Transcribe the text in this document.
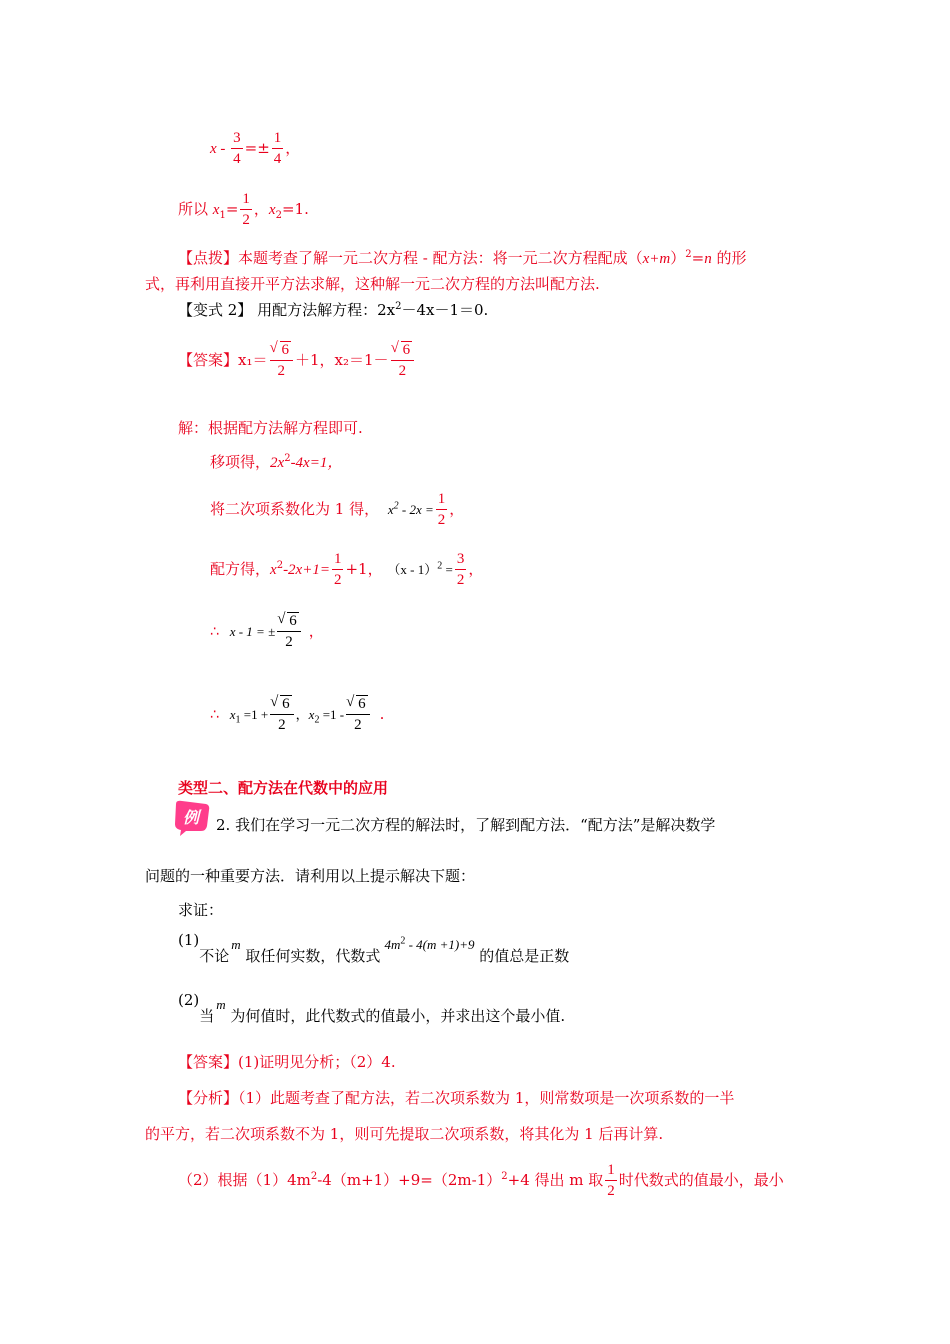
$x - \frac{3}{4} =\pm \frac{1}{4}$ ，
所以 $x_1= \frac{1}{2}$ ，$x_2=1$.
【点拨】本题考查了解一元二次方程 - 配方法：将一元二次方程配成$(x+m)^2=n$ 的形
式，再利用直接开平方法求解，这种解一元二次方程的方法叫配方法.
【变式 2】 用配方法解方程：$2x^2-4x-1=0$.
【答案】x₁＝ √ $\frac{6}{2} +1$，x₂＝1－ √ $\frac{6}{2}$
解：根据配方法解方程即可.
移项得，$2x^2-4x=1$，
将二次项系数化为 1 得， $x^2 - 2x = \frac{1}{2}$ ，
配方得，$x^2-2x+1= \frac{1}{2} +1$， $(x - 1)^2 = \frac{3}{2}$ ，
∴ x - 1 = ± √ $\frac{6}{2}$ ，
∴ $x_1 =1$ + √ $\frac{6}{2}$ ，$x_2 =1$ - √ $\frac{6}{2}$ .
类型二、配方法在代数中的应用
例 2. 我们在学习一元二次方程的解法时，了解到配方法．“配方法”是解决数学
问题的一种重要方法．请利用以上提示解决下题：
求证：
(1)不论m 取任何实数，代数式$4m^2 - 4(m +1)+9$ 的值总是正数
(2)当m 为何值时，此代数式的值最小，并求出这个最小值.
【答案】(1)证明见分析；（2）4.
【分析】（1）此题考查了配方法，若二次项系数为 1，则常数项是一次项系数的一半
的平方，若二次项系数不为 1，则可先提取二次项系数，将其化为 1 后再计算.
（2）根据$(1)4m^2-4(m+1)+9=(2m-1)^2+4$ 得出 m 取 $\frac{1}{2}$ 时代数式的值最小，最小
